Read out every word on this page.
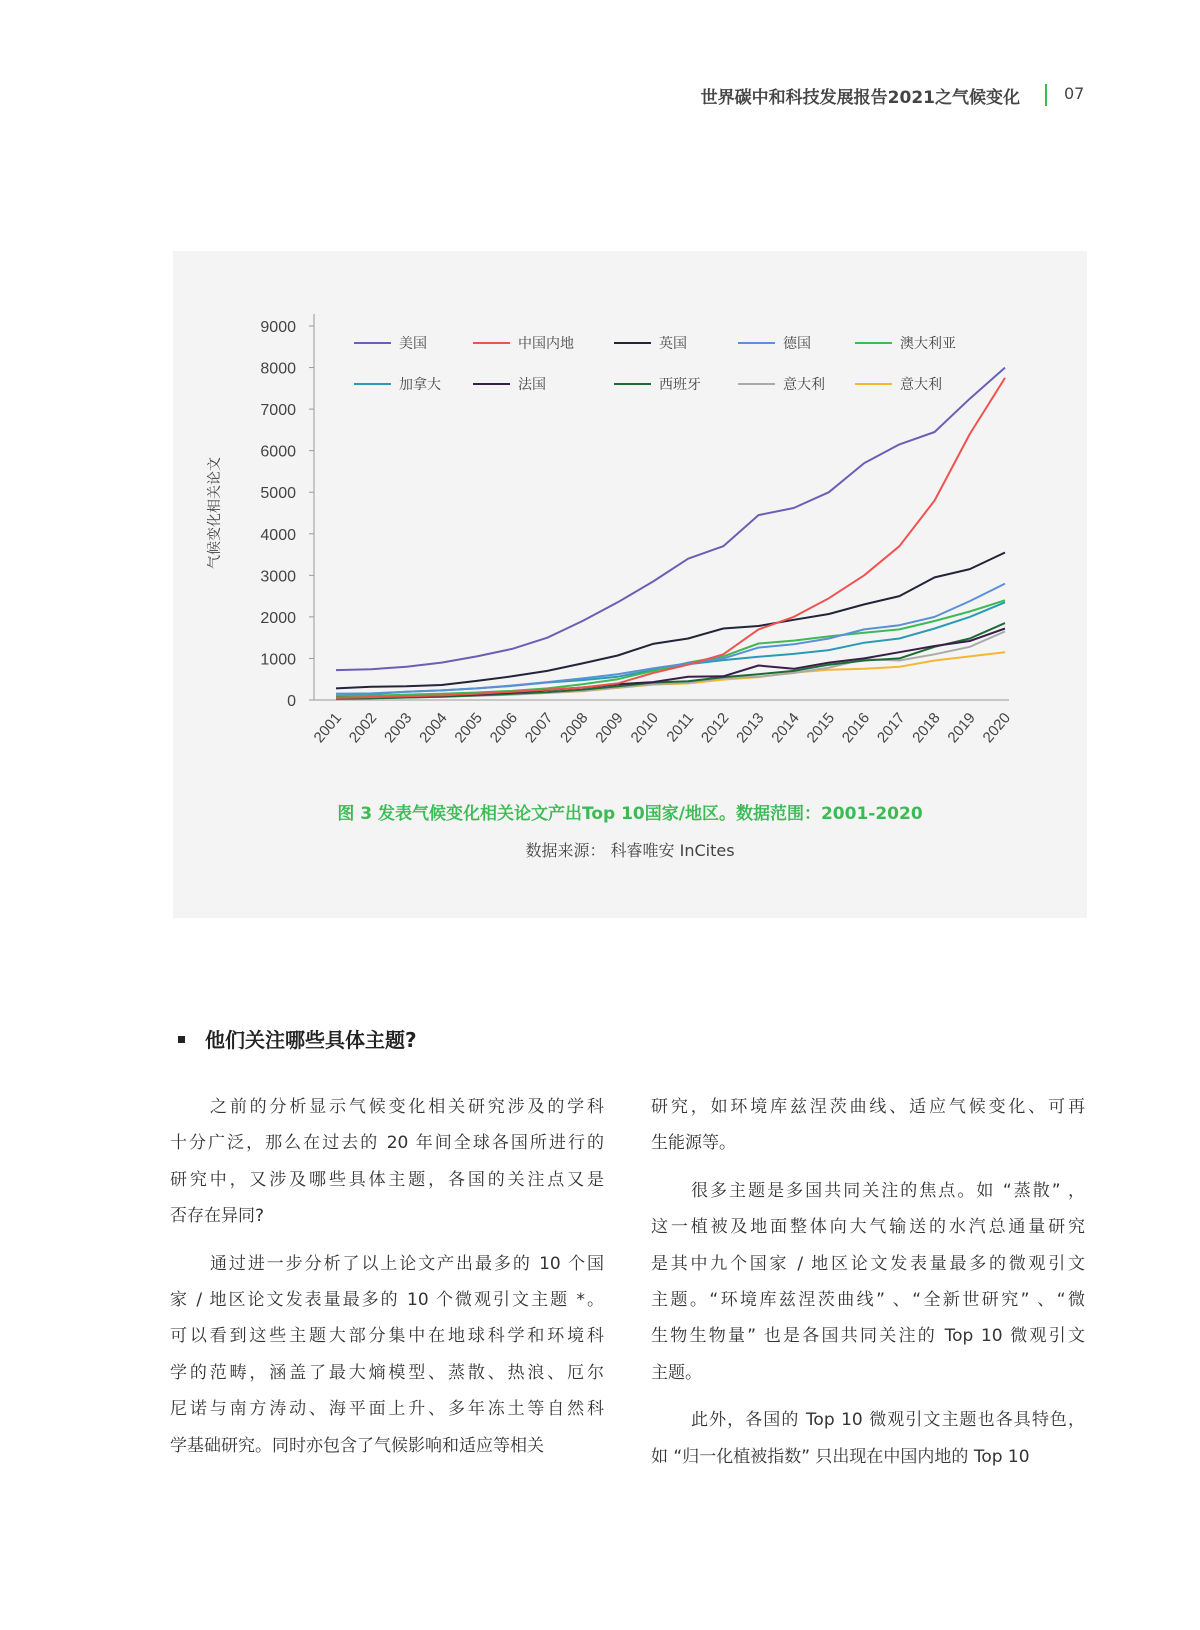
世界碳中和科技发展报告2021之气候变化	07
0
1000
2000
3000
4000
5000
6000
7000
8000
9000
2001 2002 2003 2004 2005 2006 2007 2008 2009 2010 2011 2012 2013 2014 2015 2016 2017 2018 2019 2020
气候变化相关论文
美国	中国内地	英国	德国	澳大利亚
加拿大	法国	西班牙	意大利	意大利
图 3 发表气候变化相关论文产出Top 10国家/地区。数据范围：2001-2020
数据来源： 科睿唯安 InCites
他们关注哪些具体主题?
之前的分析显示气候变化相关研究涉及的学科
十分广泛，那么在过去的 20 年间全球各国所进行的
研究中，又涉及哪些具体主题，各国的关注点又是
否存在异同?
通过进一步分析了以上论文产出最多的 10 个国
家 / 地区论文发表量最多的 10 个微观引文主题 *。
可以看到这些主题大部分集中在地球科学和环境科
学的范畴，涵盖了最大熵模型、蒸散、热浪、厄尔
尼诺与南方涛动、海平面上升、多年冻土等自然科
学基础研究。同时亦包含了气候影响和适应等相关
研究，如环境库兹涅茨曲线、适应气候变化、可再
生能源等。
很多主题是多国共同关注的焦点。如 “蒸散” ，
这一植被及地面整体向大气输送的水汽总通量研究
是其中九个国家 / 地区论文发表量最多的微观引文
主题。“环境库兹涅茨曲线” 、“全新世研究” 、“微
生物生物量” 也是各国共同关注的 Top 10 微观引文
主题。
此外，各国的 Top 10 微观引文主题也各具特色，
如 “归一化植被指数” 只出现在中国内地的 Top 10
